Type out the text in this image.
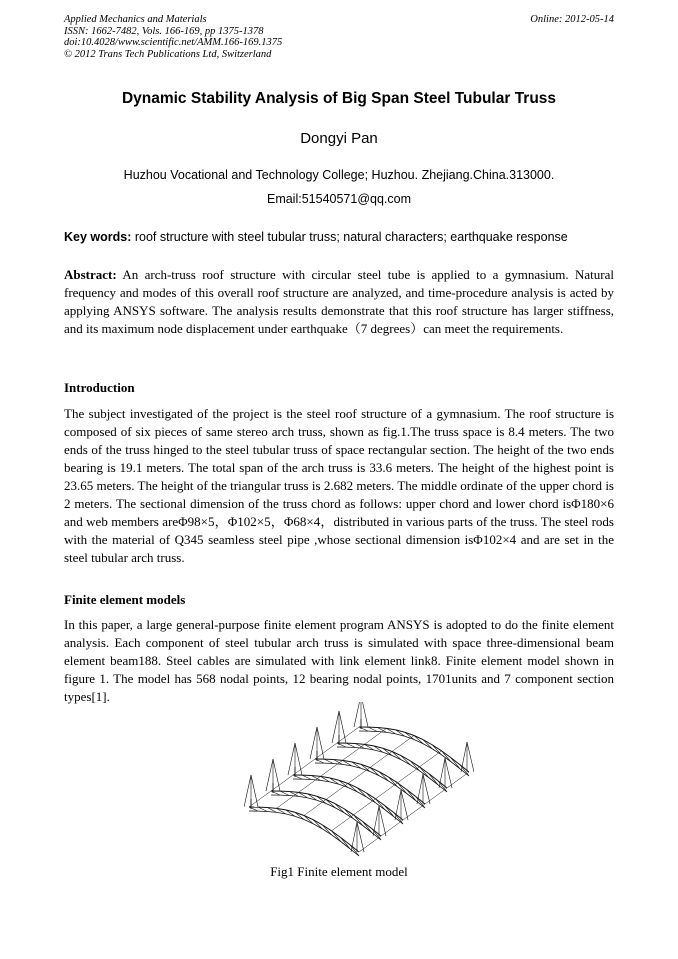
Applied Mechanics and Materials
ISSN: 1662-7482, Vols. 166-169, pp 1375-1378
doi:10.4028/www.scientific.net/AMM.166-169.1375
© 2012 Trans Tech Publications Ltd, Switzerland
Online: 2012-05-14
Dynamic Stability Analysis of Big Span Steel Tubular Truss
Dongyi Pan
Huzhou Vocational and Technology College; Huzhou. Zhejiang.China.313000.
Email:51540571@qq.com
Key words: roof structure with steel tubular truss; natural characters; earthquake response
Abstract: An arch-truss roof structure with circular steel tube is applied to a gymnasium. Natural frequency and modes of this overall roof structure are analyzed, and time-procedure analysis is acted by applying ANSYS software. The analysis results demonstrate that this roof structure has larger stiffness, and its maximum node displacement under earthquake（7 degrees）can meet the requirements.
Introduction
The subject investigated of the project is the steel roof structure of a gymnasium. The roof structure is composed of six pieces of same stereo arch truss, shown as fig.1.The truss space is 8.4 meters. The two ends of the truss hinged to the steel tubular truss of space rectangular section. The height of the two ends bearing is 19.1 meters. The total span of the arch truss is 33.6 meters. The height of the highest point is 23.65 meters. The height of the triangular truss is 2.682 meters. The middle ordinate of the upper chord is 2 meters. The sectional dimension of the truss chord as follows: upper chord and lower chord isΦ180×6 and web members areΦ98×5，Φ102×5，Φ68×4，distributed in various parts of the truss. The steel rods with the material of Q345 seamless steel pipe ,whose sectional dimension isΦ102×4 and are set in the steel tubular arch truss.
Finite element models
In this paper, a large general-purpose finite element program ANSYS is adopted to do the finite element analysis. Each component of steel tubular arch truss is simulated with space three-dimensional beam element beam188. Steel cables are simulated with link element link8. Finite element model shown in figure 1. The model has 568 nodal points, 12 bearing nodal points, 1701units and 7 component section types[1].
Fig1 Finite element model
